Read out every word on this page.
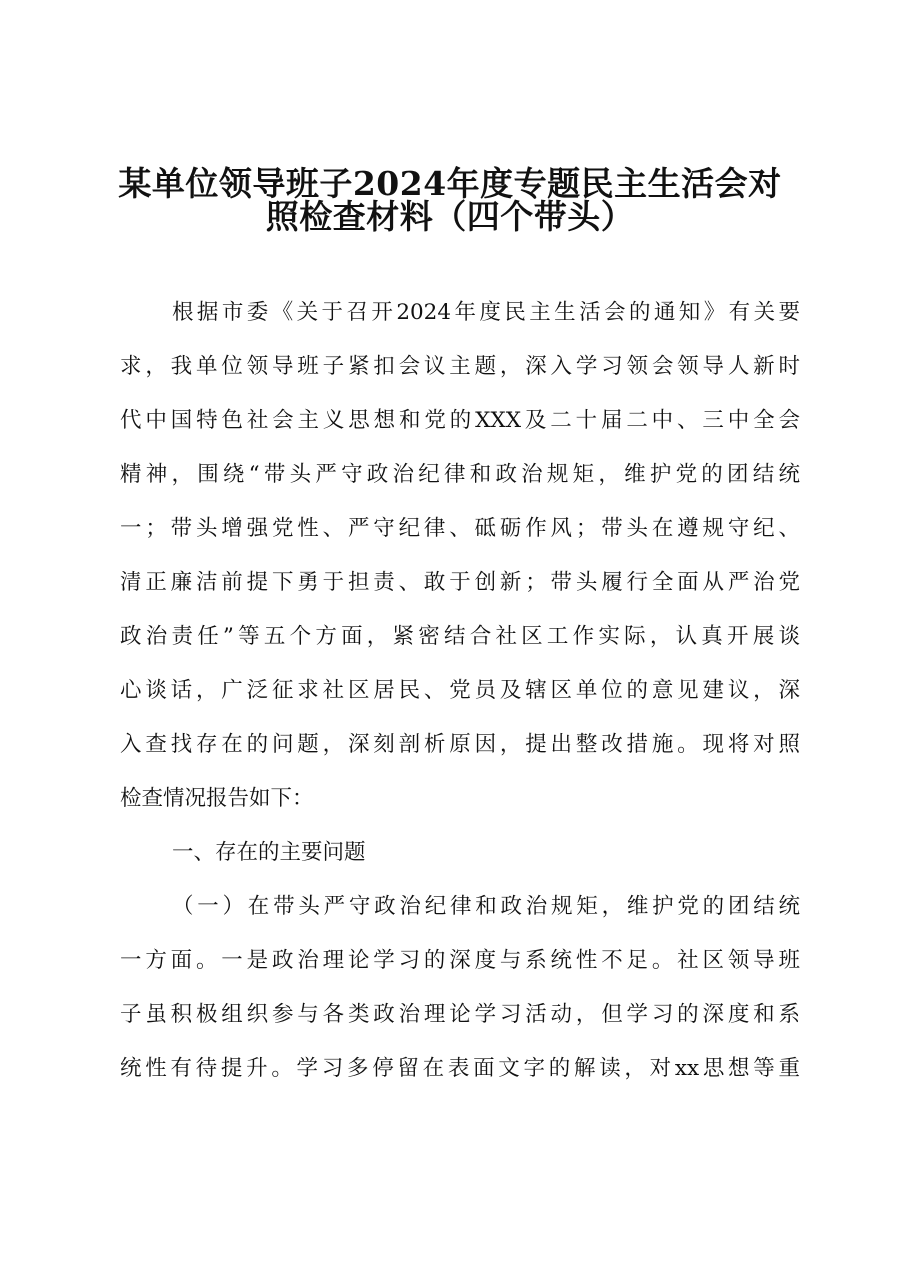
某单位领导班子2024年度专题民主生活会对
照检查材料（四个带头）
根据市委《关于召开2024年度民主生活会的通知》有关要
求，我单位领导班子紧扣会议主题，深入学习领会领导人新时
代中国特色社会主义思想和党的XXX及二十届二中、三中全会
精神，围绕“带头严守政治纪律和政治规矩，维护党的团结统
一；带头增强党性、严守纪律、砥砺作风；带头在遵规守纪、
清正廉洁前提下勇于担责、敢于创新；带头履行全面从严治党
政治责任”等五个方面，紧密结合社区工作实际，认真开展谈
心谈话，广泛征求社区居民、党员及辖区单位的意见建议，深
入查找存在的问题，深刻剖析原因，提出整改措施。现将对照
检查情况报告如下：
一、存在的主要问题
（一）在带头严守政治纪律和政治规矩，维护党的团结统
一方面。一是政治理论学习的深度与系统性不足。社区领导班
子虽积极组织参与各类政治理论学习活动，但学习的深度和系
统性有待提升。学习多停留在表面文字的解读，对xx思想等重
